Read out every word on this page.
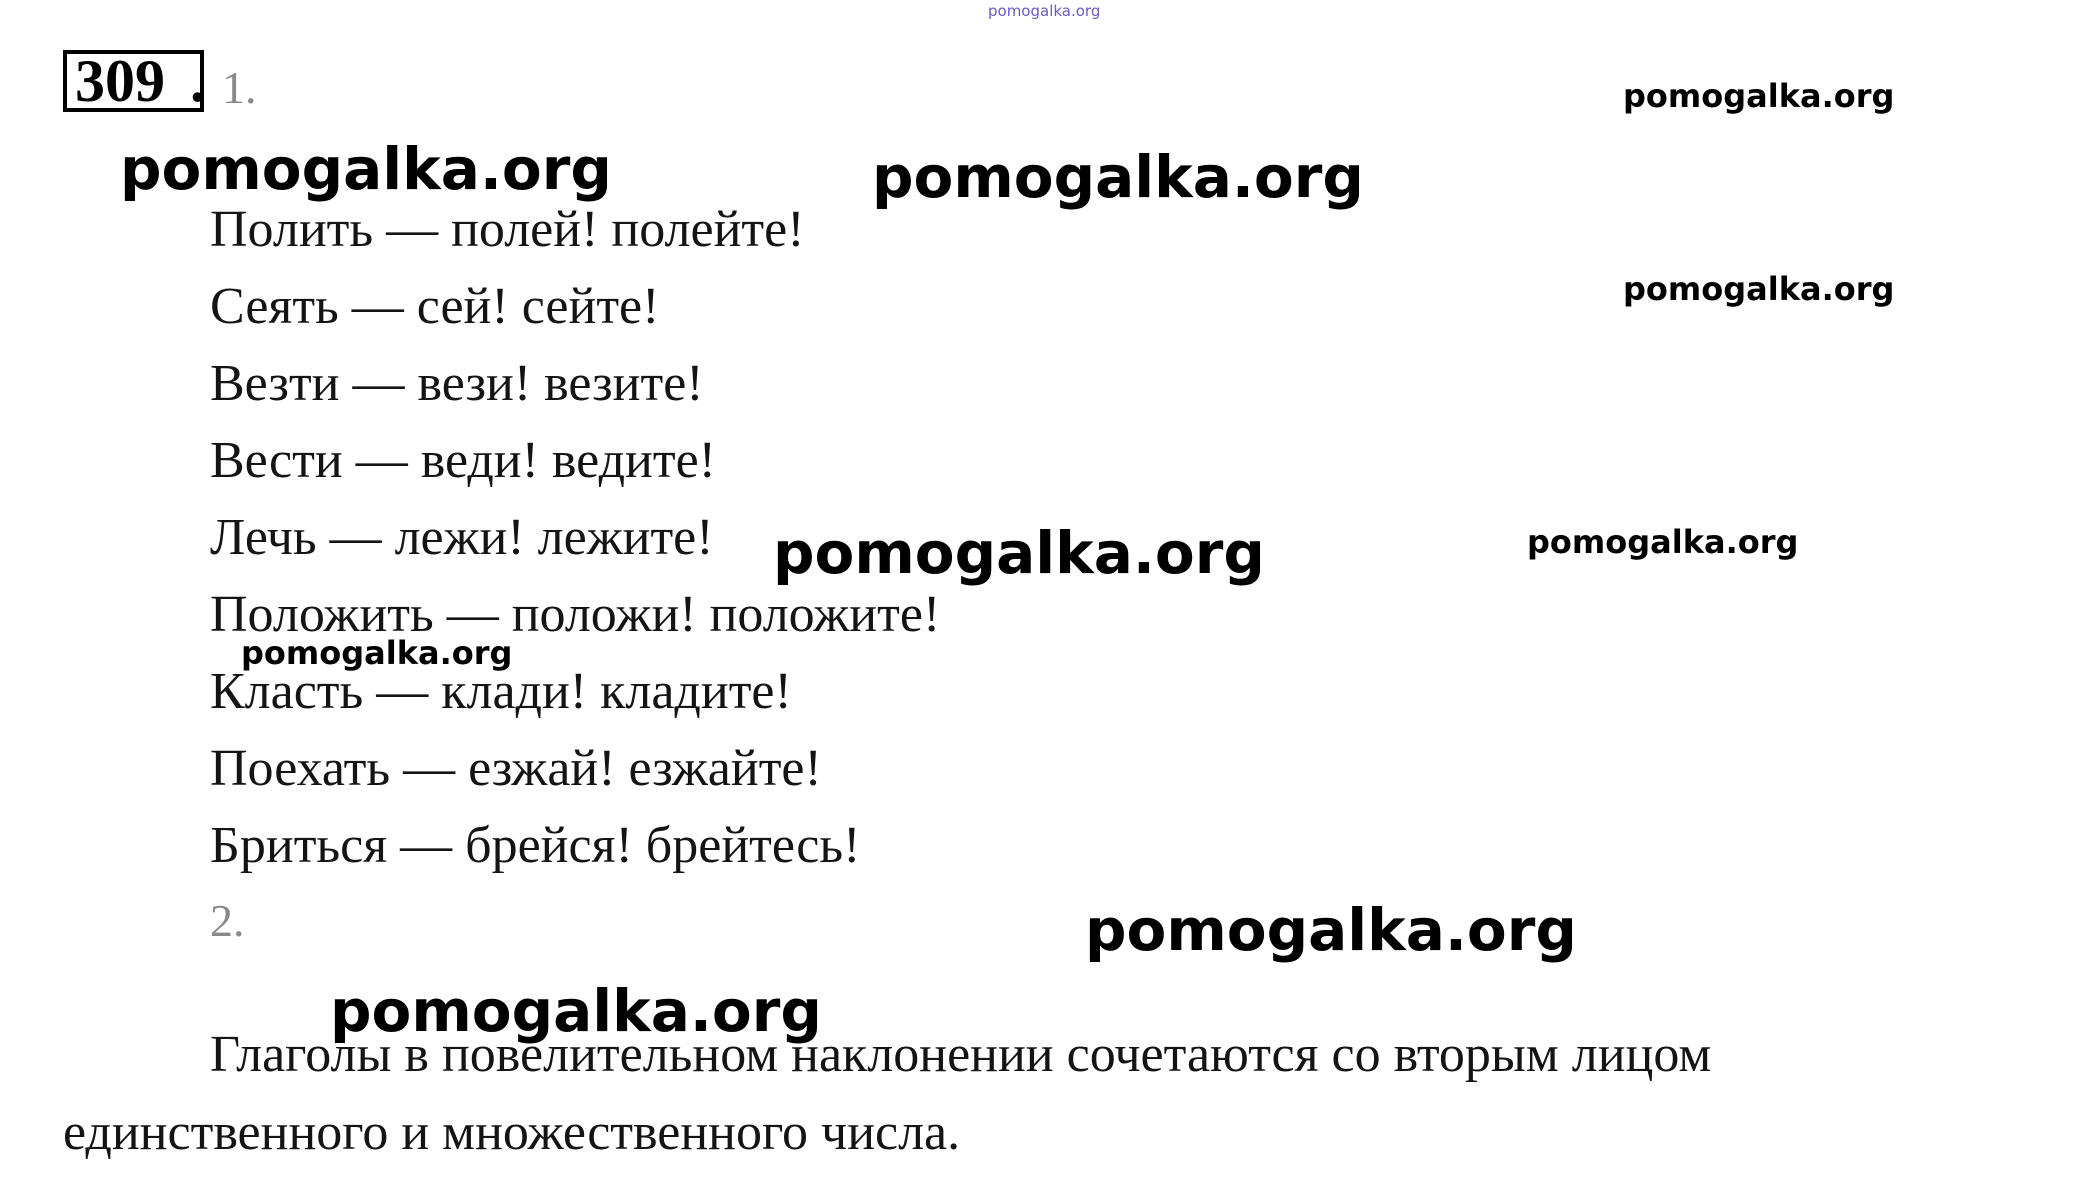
pomogalka.org
309 . 1.
Полить — полей! полейте!
Сеять — сей! сейте!
Везти — вези! везите!
Вести — веди! ведите!
Лечь — лежи! лежите!
Положить — положи! положите!
Класть — клади! кладите!
Поехать — езжай! езжайте!
Бриться — брейся! брейтесь!
2.
Глаголы в повелительном наклонении сочетаются со вторым лицом
единственного и множественного числа.
pomogalka.org
pomogalka.org	pomogalka.org
pomogalka.org
pomogalka.org	pomogalka.org
pomogalka.org
pomogalka.org
pomogalka.org
